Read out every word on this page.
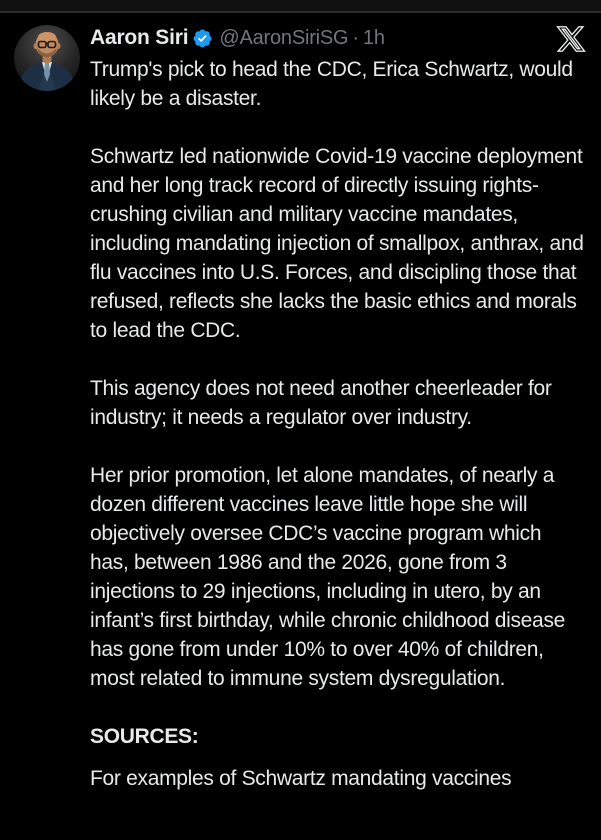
Aaron Siri @AaronSiriSG · 1h

Trump's pick to head the CDC, Erica Schwartz, would likely be a disaster.

Schwartz led nationwide Covid-19 vaccine deployment and her long track record of directly issuing rights-crushing civilian and military vaccine mandates, including mandating injection of smallpox, anthrax, and flu vaccines into U.S. Forces, and discipling those that refused, reflects she lacks the basic ethics and morals to lead the CDC.

This agency does not need another cheerleader for industry; it needs a regulator over industry.

Her prior promotion, let alone mandates, of nearly a dozen different vaccines leave little hope she will objectively oversee CDC’s vaccine program which has, between 1986 and the 2026, gone from 3 injections to 29 injections, including in utero, by an infant’s first birthday, while chronic childhood disease has gone from under 10% to over 40% of children, most related to immune system dysregulation.

SOURCES:

For examples of Schwartz mandating vaccines
